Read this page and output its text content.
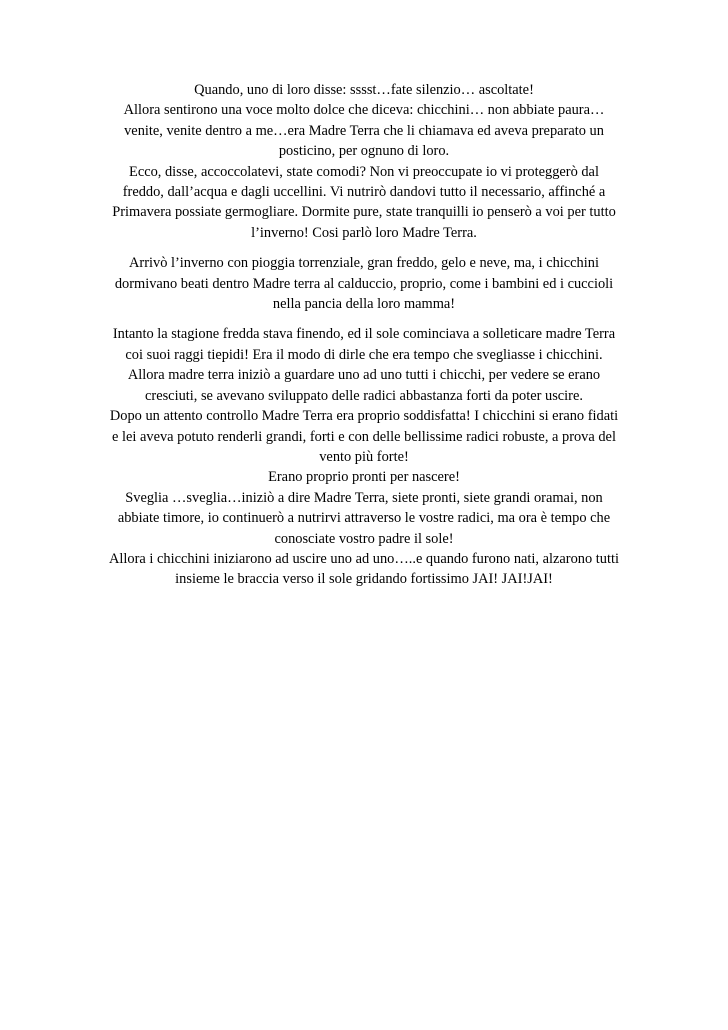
Quando, uno di loro disse: sssst…fate silenzio… ascoltate!
Allora sentirono una voce molto dolce che diceva: chicchini… non abbiate paura…
venite, venite dentro a me…era Madre Terra che li chiamava ed aveva preparato un
posticino, per ognuno di loro.
Ecco, disse, accoccolatevi, state comodi? Non vi preoccupate io vi proteggerò dal
freddo, dall’acqua e dagli uccellini. Vi nutrirò dandovi tutto il necessario, affinché a
Primavera possiate germogliare. Dormite pure, state tranquilli io penserò a voi per tutto
l’inverno! Cosi parlò loro Madre Terra.

Arrivò l’inverno con pioggia torrenziale, gran freddo, gelo e neve, ma, i chicchini
dormivano beati dentro Madre terra al calduccio, proprio, come i bambini ed i cuccioli
nella pancia della loro mamma!

Intanto la stagione fredda stava finendo, ed il sole cominciava a solleticare madre Terra
coi suoi raggi tiepidi! Era il modo di dirle che era tempo che svegliasse i chicchini.
Allora madre terra iniziò a guardare uno ad uno tutti i chicchi, per vedere se erano
cresciuti, se avevano sviluppato delle radici abbastanza forti da poter uscire.
Dopo un attento controllo Madre Terra era proprio soddisfatta! I chicchini si erano fidati
e lei aveva potuto renderli grandi, forti e con delle bellissime radici robuste, a prova del
vento più forte!
Erano proprio pronti per nascere!
Sveglia …sveglia…iniziò a dire Madre Terra, siete pronti, siete grandi oramai, non
abbiate timore, io continuerò a nutrirvi attraverso le vostre radici, ma ora è tempo che
conosciate vostro padre il sole!
Allora i chicchini iniziarono ad uscire uno ad uno…..e quando furono nati, alzarono tutti
insieme le braccia verso il sole gridando fortissimo JAI! JAI!JAI!
